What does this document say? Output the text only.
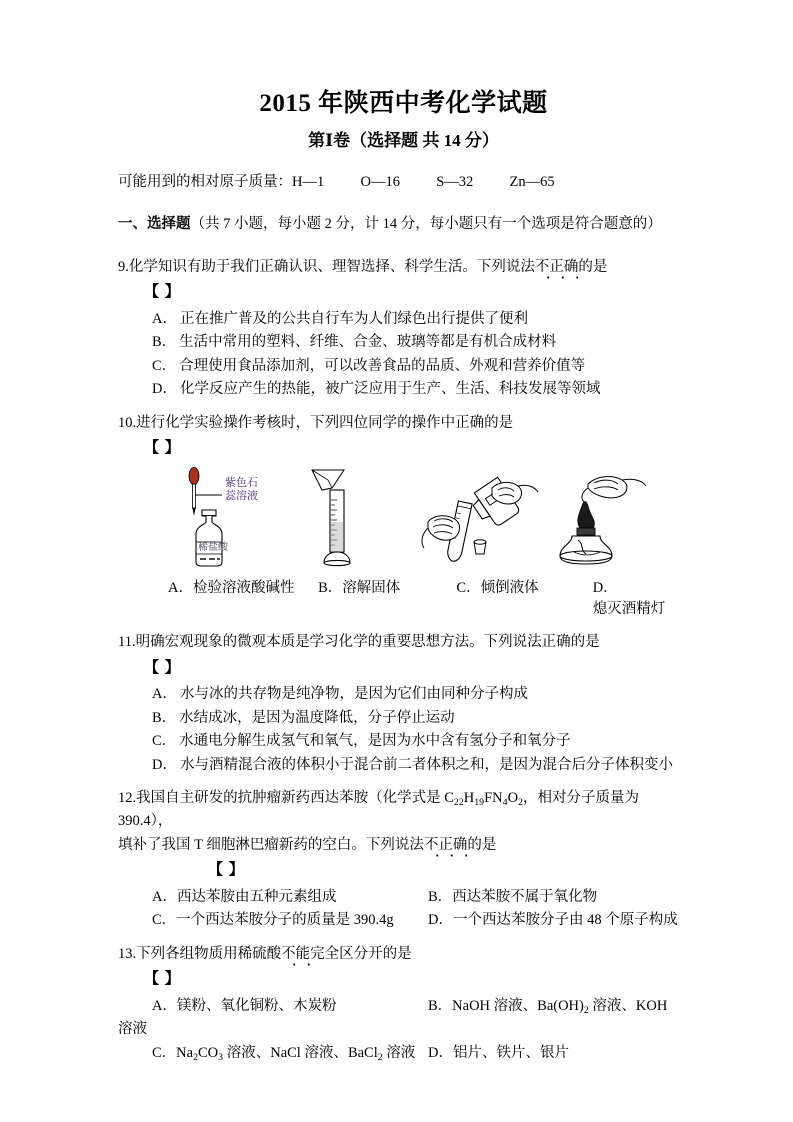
2015 年陕西中考化学试题
第Ⅰ卷（选择题 共 14 分）
可能用到的相对原子质量：H—1          O—16          S—32          Zn—65
一、选择题（共 7 小题，每小题 2 分，计 14 分，每小题只有一个选项是符合题意的）
9.化学知识有助于我们正确认识、理智选择、科学生活。下列说法不正确的是
【 】
A． 正在推广普及的公共自行车为人们绿色出行提供了便利
B． 生活中常用的塑料、纤维、合金、玻璃等都是有机合成材料
C． 合理使用食品添加剂，可以改善食品的品质、外观和营养价值等
D． 化学反应产生的热能，被广泛应用于生产、生活、科技发展等领域
10.进行化学实验操作考核时，下列四位同学的操作中正确的是
【 】
紫色石
蕊溶液
稀盐酸
A．检验溶液酸碱性	B．溶解固体	C．倾倒液体	D．熄灭酒精灯
11.明确宏观现象的微观本质是学习化学的重要思想方法。下列说法正确的是
【 】
A． 水与冰的共存物是纯净物，是因为它们由同种分子构成
B． 水结成冰，是因为温度降低，分子停止运动
C． 水通电分解生成氢气和氧气，是因为水中含有氢分子和氧分子
D． 水与酒精混合液的体积小于混合前二者体积之和，是因为混合后分子体积变小
12.我国自主研发的抗肿瘤新药西达苯胺（化学式是 $C_{22}H_{19}FN_4O_2$，相对分子质量为 390.4），
填补了我国 T 细胞淋巴瘤新药的空白。下列说法不正确的是
【 】
A．西达苯胺由五种元素组成	B．西达苯胺不属于氧化物
C．一个西达苯胺分子的质量是 390.4g	D．一个西达苯胺分子由 48 个原子构成
13.下列各组物质用稀硫酸不能完全区分开的是
【 】
A．镁粉、氧化铜粉、木炭粉	B．NaOH 溶液、$Ba(OH)_2$ 溶液、KOH
溶液
C．$Na_2CO_3$ 溶液、NaCl 溶液、BaCl$_2$ 溶液 D．铝片、铁片、银片
